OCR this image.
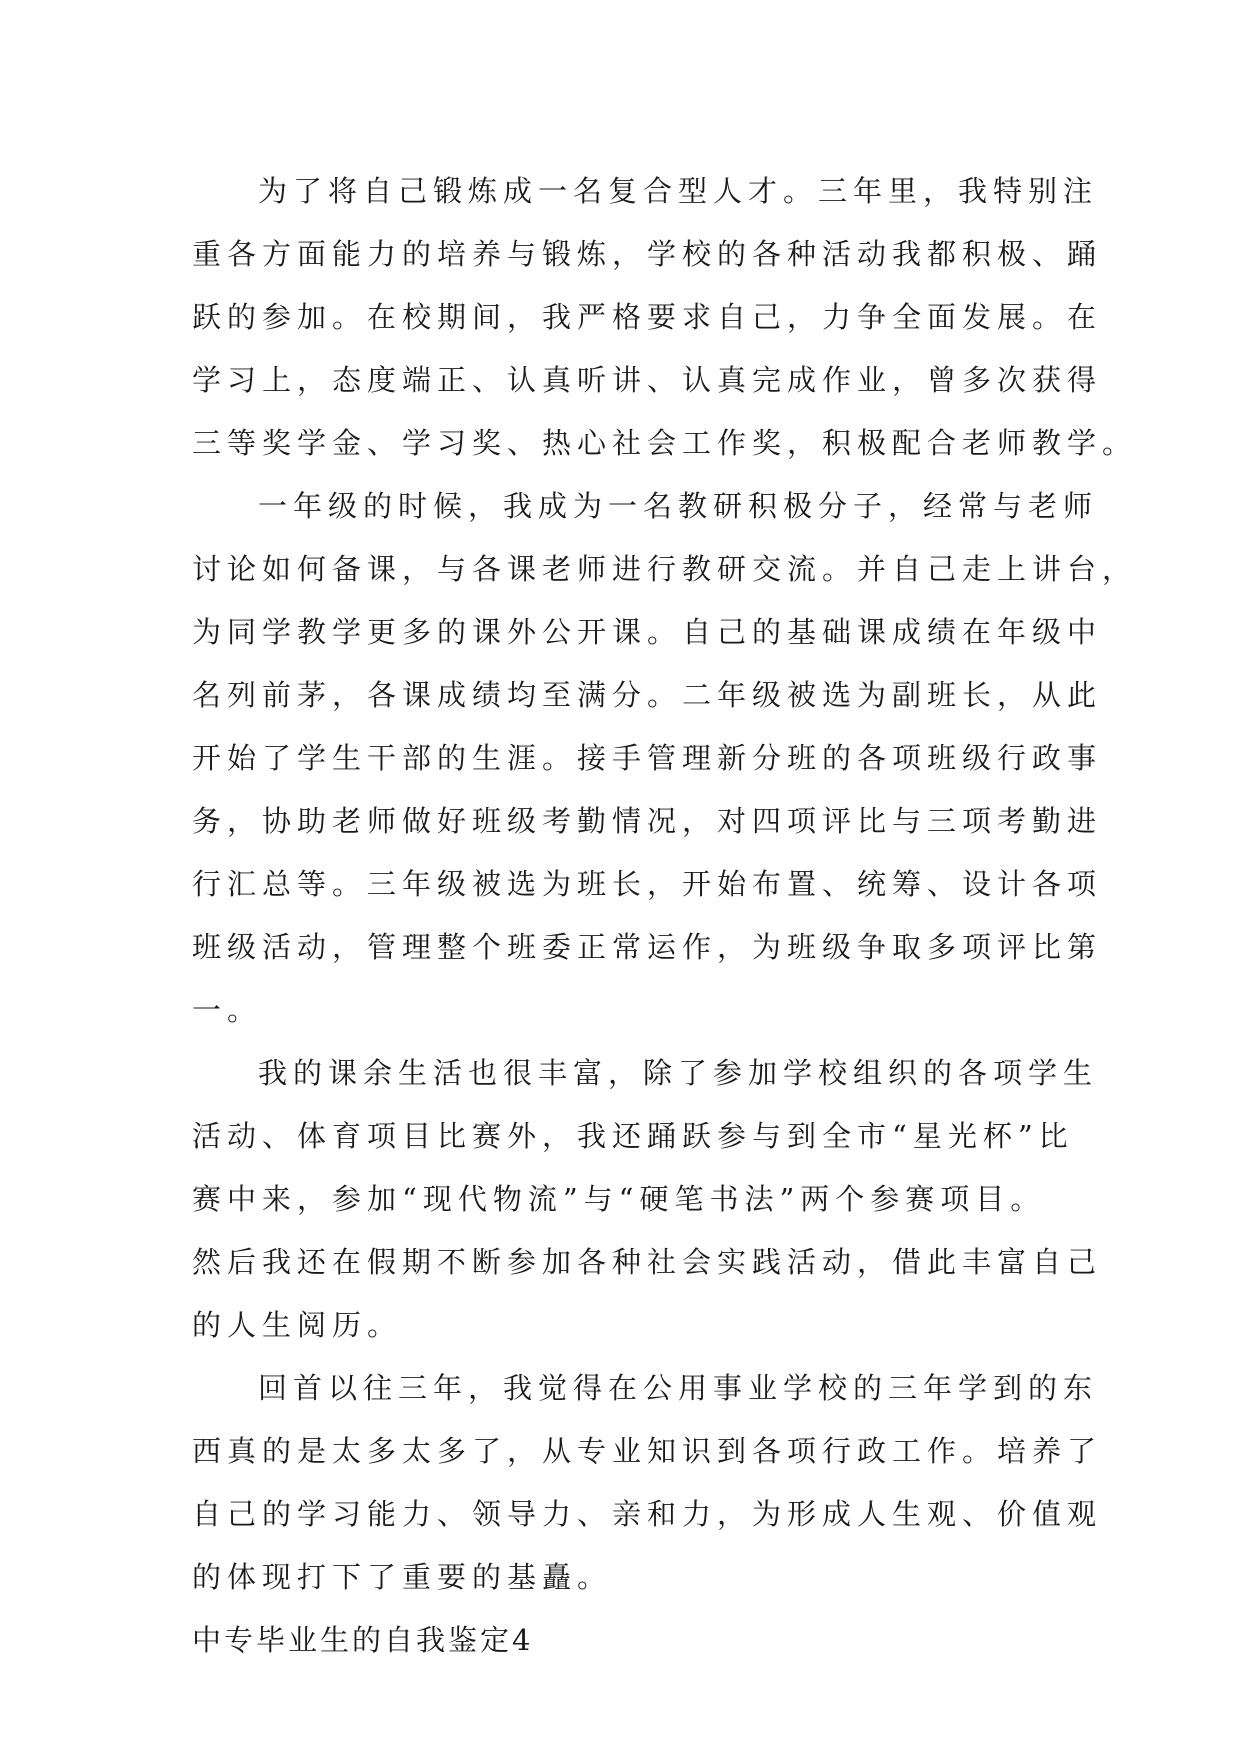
为了将自己锻炼成一名复合型人才。三年里，我特别注
重各方面能力的培养与锻炼，学校的各种活动我都积极、踊
跃的参加。在校期间，我严格要求自己，力争全面发展。在
学习上，态度端正、认真听讲、认真完成作业，曾多次获得
三等奖学金、学习奖、热心社会工作奖，积极配合老师教学。
一年级的时候，我成为一名教研积极分子，经常与老师
讨论如何备课，与各课老师进行教研交流。并自己走上讲台，
为同学教学更多的课外公开课。自己的基础课成绩在年级中
名列前茅，各课成绩均至满分。二年级被选为副班长，从此
开始了学生干部的生涯。接手管理新分班的各项班级行政事
务，协助老师做好班级考勤情况，对四项评比与三项考勤进
行汇总等。三年级被选为班长，开始布置、统筹、设计各项
班级活动，管理整个班委正常运作，为班级争取多项评比第
一。
我的课余生活也很丰富，除了参加学校组织的各项学生
活动、体育项目比赛外，我还踊跃参与到全市“星光杯”比
赛中来，参加“现代物流”与“硬笔书法”两个参赛项目。
然后我还在假期不断参加各种社会实践活动，借此丰富自己
的人生阅历。
回首以往三年，我觉得在公用事业学校的三年学到的东
西真的是太多太多了，从专业知识到各项行政工作。培养了
自己的学习能力、领导力、亲和力，为形成人生观、价值观
的体现打下了重要的基矗。
中专毕业生的自我鉴定4
